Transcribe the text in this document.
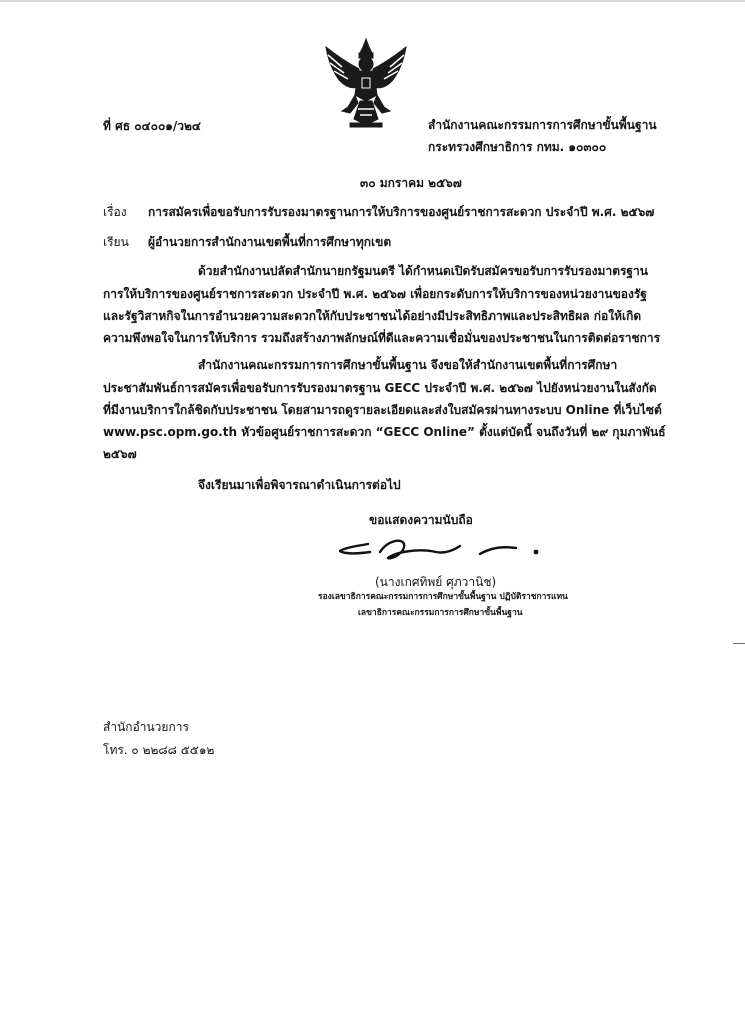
ที่ ศธ ๐๔๐๐๑/ว๒๔	สำนักงานคณะกรรมการการศึกษาขั้นพื้นฐาน
กระทรวงศึกษาธิการ กทม. ๑๐๓๐๐
๓๐ มกราคม ๒๕๖๗
เรื่อง การสมัครเพื่อขอรับการรับรองมาตรฐานการให้บริการของศูนย์ราชการสะดวก ประจำปี พ.ศ. ๒๕๖๗
เรียน ผู้อำนวยการสำนักงานเขตพื้นที่การศึกษาทุกเขต
ด้วยสำนักงานปลัดสำนักนายกรัฐมนตรี ได้กำหนดเปิดรับสมัครขอรับการรับรองมาตรฐาน
การให้บริการของศูนย์ราชการสะดวก ประจำปี พ.ศ. ๒๕๖๗ เพื่อยกระดับการให้บริการของหน่วยงานของรัฐ
และรัฐวิสาหกิจในการอำนวยความสะดวกให้กับประชาชนได้อย่างมีประสิทธิภาพและประสิทธิผล ก่อให้เกิด
ความพึงพอใจในการให้บริการ รวมถึงสร้างภาพลักษณ์ที่ดีและความเชื่อมั่นของประชาชนในการติดต่อราชการ
สำนักงานคณะกรรมการการศึกษาขั้นพื้นฐาน จึงขอให้สำนักงานเขตพื้นที่การศึกษา
ประชาสัมพันธ์การสมัครเพื่อขอรับการรับรองมาตรฐาน GECC ประจำปี พ.ศ. ๒๕๖๗ ไปยังหน่วยงานในสังกัด
ที่มีงานบริการใกล้ชิดกับประชาชน โดยสามารถดูรายละเอียดและส่งใบสมัครผ่านทางระบบ Online ที่เว็บไซต์
www.psc.opm.go.th หัวข้อศูนย์ราชการสะดวก “GECC Online” ตั้งแต่บัดนี้ จนถึงวันที่ ๒๙ กุมภาพันธ์
๒๕๖๗
จึงเรียนมาเพื่อพิจารณาดำเนินการต่อไป
ขอแสดงความนับถือ
(นางเกศทิพย์ ศุภวานิช)
รองเลขาธิการคณะกรรมการการศึกษาขั้นพื้นฐาน ปฏิบัติราชการแทน
เลขาธิการคณะกรรมการการศึกษาขั้นพื้นฐาน
สำนักอำนวยการ
โทร. ๐ ๒๒๘๘ ๕๕๑๒
